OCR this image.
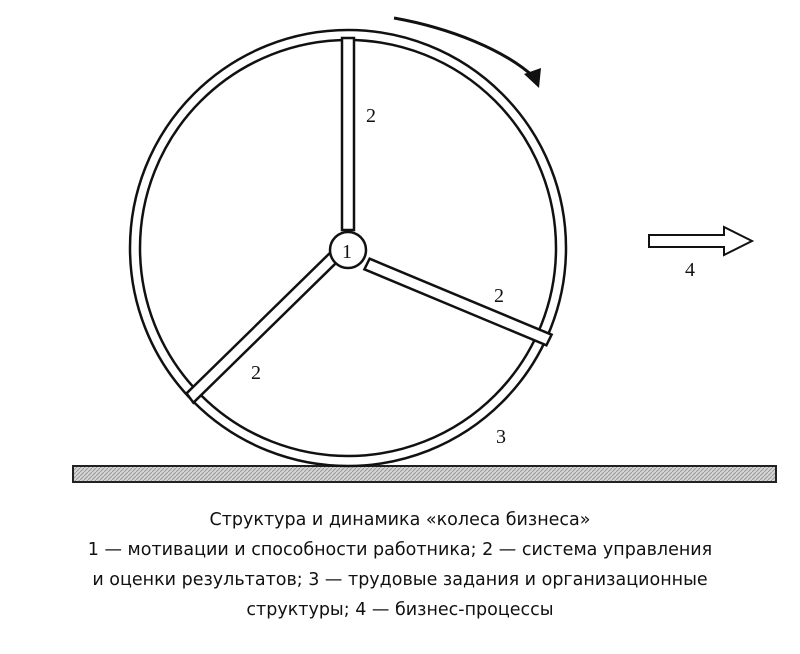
1
2
2
2
3
4
Структура и динамика «колеса бизнеса»
1 — мотивации и способности работника; 2 — система управления
и оценки результатов; 3 — трудовые задания и организационные
структуры; 4 — бизнес-процессы
